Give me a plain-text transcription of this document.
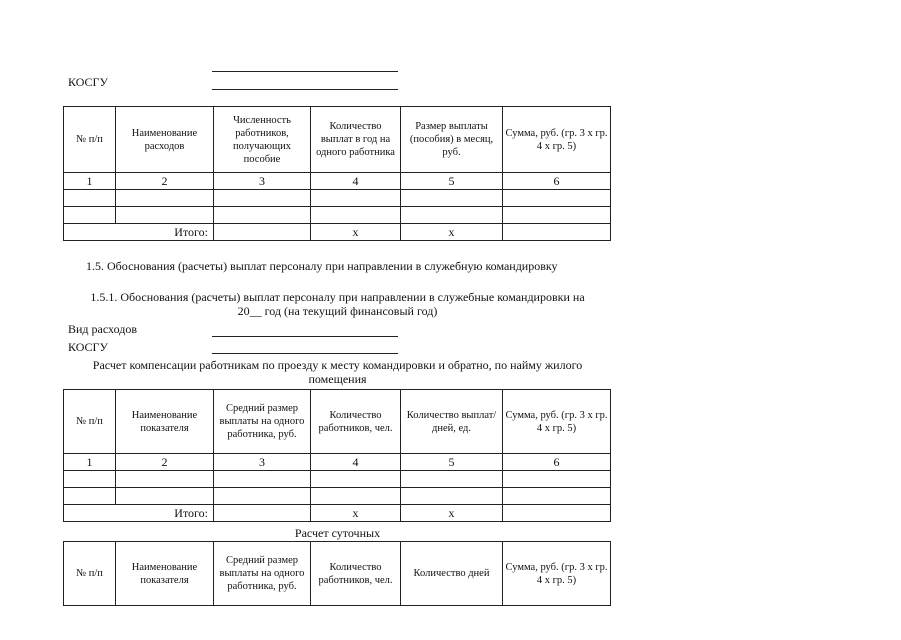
КОСГУ
№ п/п	Наименование расходов	Численность работников, получающих пособие	Количество выплат в год на одного работника	Размер выплаты (пособия) в месяц, руб.	Сумма, руб. (гр. 3 х гр. 4 х гр. 5)
1	2	3	4	5	6

Итого:			х	х	
1.5. Обоснования (расчеты) выплат персоналу при направлении в служебную командировку
1.5.1. Обоснования (расчеты) выплат персоналу при направлении в служебные командировки на
20__ год (на текущий финансовый год)
Вид расходов
КОСГУ
Расчет компенсации работникам по проезду к месту командировки и обратно, по найму жилого
помещения
№ п/п	Наименование показателя	Средний размер выплаты на одного работника, руб.	Количество работников, чел.	Количество выплат/дней, ед.	Сумма, руб. (гр. 3 х гр. 4 х гр. 5)
1	2	3	4	5	6

Итого:			х	х	
Расчет суточных
№ п/п	Наименование показателя	Средний размер выплаты на одного работника, руб.	Количество работников, чел.	Количество дней	Сумма, руб. (гр. 3 х гр. 4 х гр. 5)
